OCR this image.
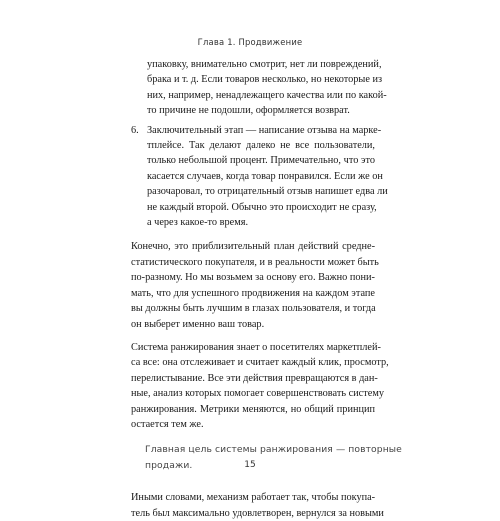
Глава 1. Продвижение
упаковку, внимательно смотрит, нет ли повреждений,
брака и т. д. Если товаров несколько, но некоторые из
них, например, ненадлежащего качества или по какой-
то причине не подошли, оформляется возврат.
6. Заключительный этап — написание отзыва на марке-
тплейсе. Так делают далеко не все пользователи,
только небольшой процент. Примечательно, что это
касается случаев, когда товар понравился. Если же он
разочаровал, то отрицательный отзыв напишет едва ли
не каждый второй. Обычно это происходит не сразу,
а через какое-то время.
Конечно, это приблизительный план действий средне-
статистического покупателя, и в реальности может быть
по-разному. Но мы возьмем за основу его. Важно пони-
мать, что для успешного продвижения на каждом этапе
вы должны быть лучшим в глазах пользователя, и тогда
он выберет именно ваш товар.
Система ранжирования знает о посетителях маркетплей-
са все: она отслеживает и считает каждый клик, просмотр,
перелистывание. Все эти действия превращаются в дан-
ные, анализ которых помогает совершенствовать систему
ранжирования. Метрики меняются, но общий принцип
остается тем же.
Главная цель системы ранжирования — повторные
продажи.
Иными словами, механизм работает так, чтобы покупа-
тель был максимально удовлетворен, вернулся за новыми
15
